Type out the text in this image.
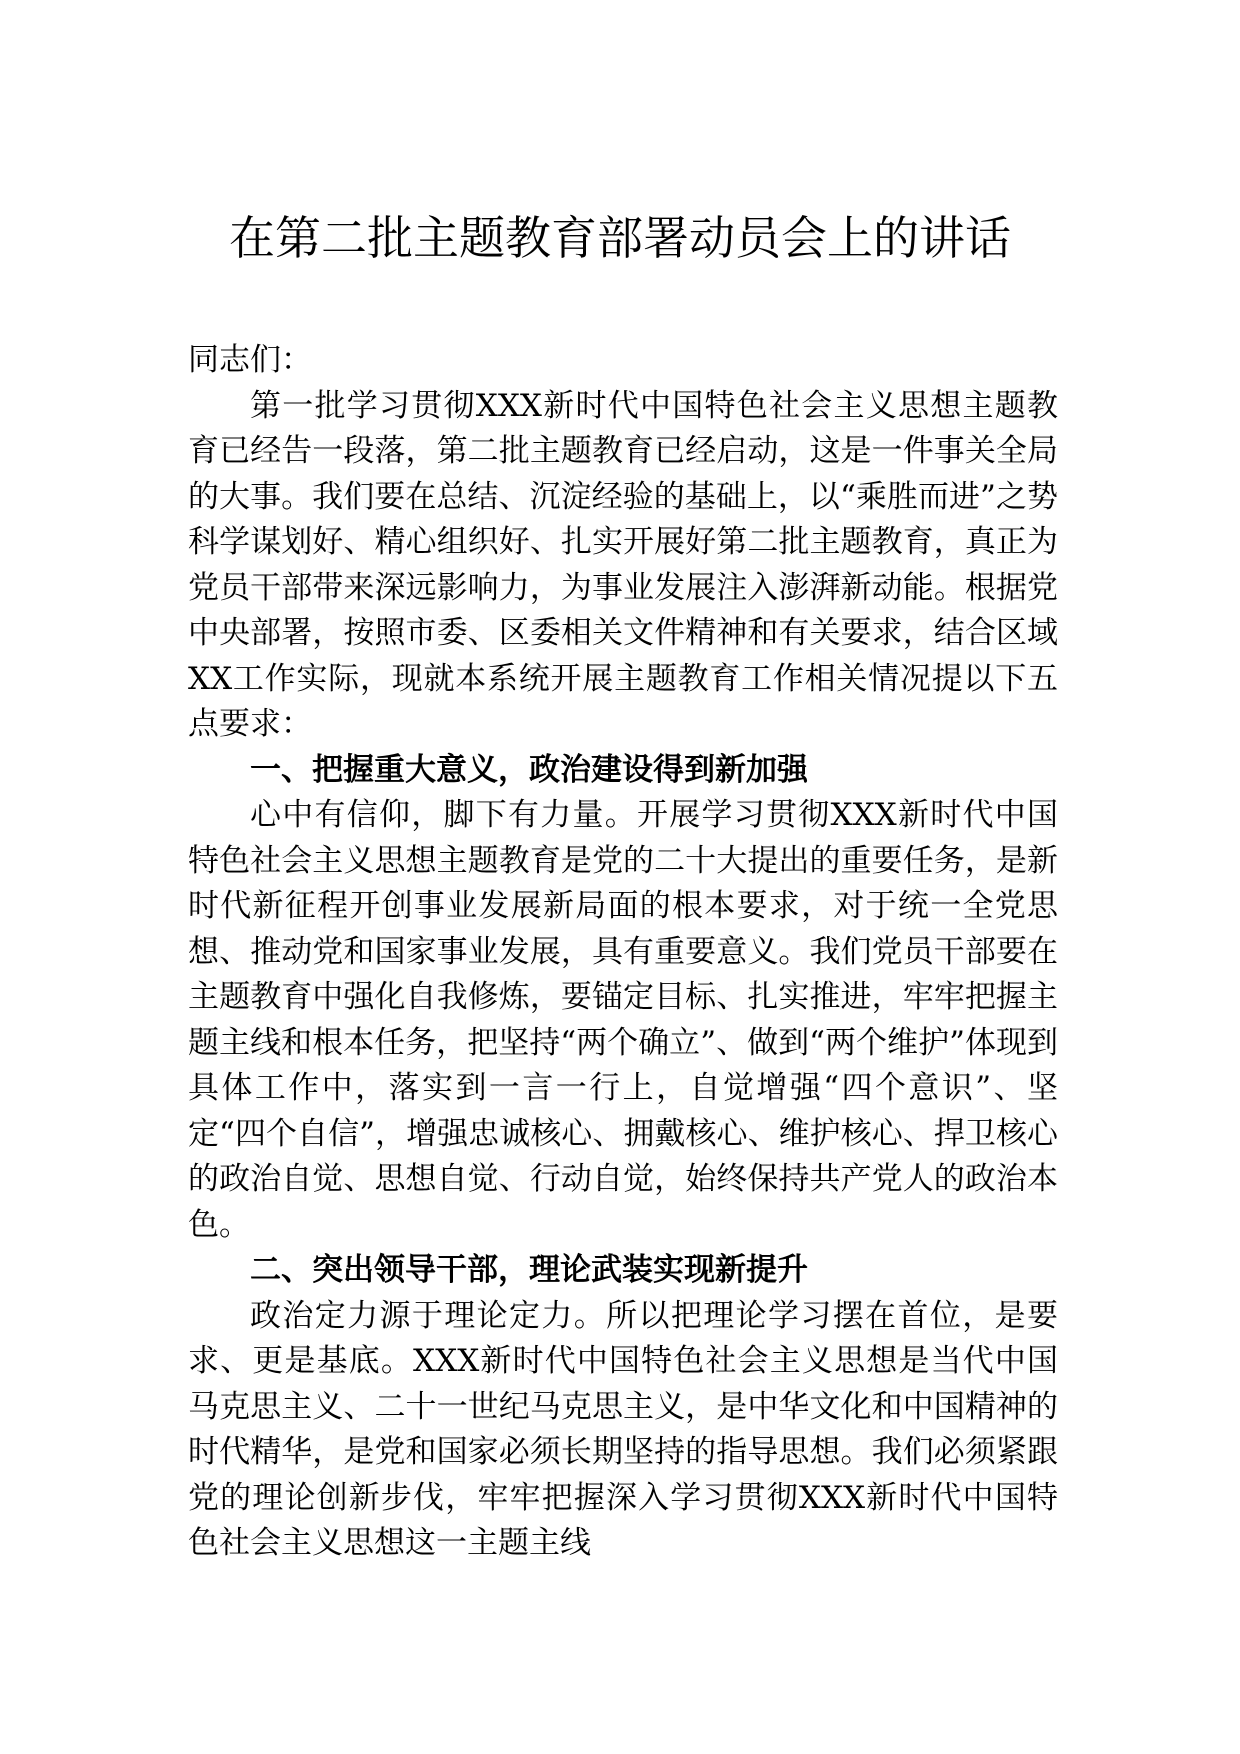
在第二批主题教育部署动员会上的讲话

同志们：

第一批学习贯彻XXX新时代中国特色社会主义思想主题教育已经告一段落，第二批主题教育已经启动，这是一件事关全局的大事。我们要在总结、沉淀经验的基础上，以“乘胜而进”之势科学谋划好、精心组织好、扎实开展好第二批主题教育，真正为党员干部带来深远影响力，为事业发展注入澎湃新动能。根据党中央部署，按照市委、区委相关文件精神和有关要求，结合区域XX工作实际，现就本系统开展主题教育工作相关情况提以下五点要求：

一、把握重大意义，政治建设得到新加强

心中有信仰，脚下有力量。开展学习贯彻XXX新时代中国特色社会主义思想主题教育是党的二十大提出的重要任务，是新时代新征程开创事业发展新局面的根本要求，对于统一全党思想、推动党和国家事业发展，具有重要意义。我们党员干部要在主题教育中强化自我修炼，要锚定目标、扎实推进，牢牢把握主题主线和根本任务，把坚持“两个确立”、做到“两个维护”体现到具体工作中，落实到一言一行上，自觉增强“四个意识”、坚定“四个自信”，增强忠诚核心、拥戴核心、维护核心、捍卫核心的政治自觉、思想自觉、行动自觉，始终保持共产党人的政治本色。

二、突出领导干部，理论武装实现新提升

政治定力源于理论定力。所以把理论学习摆在首位，是要求、更是基底。XXX新时代中国特色社会主义思想是当代中国马克思主义、二十一世纪马克思主义，是中华文化和中国精神的时代精华，是党和国家必须长期坚持的指导思想。我们必须紧跟党的理论创新步伐，牢牢把握深入学习贯彻XXX新时代中国特色社会主义思想这一主题主线
